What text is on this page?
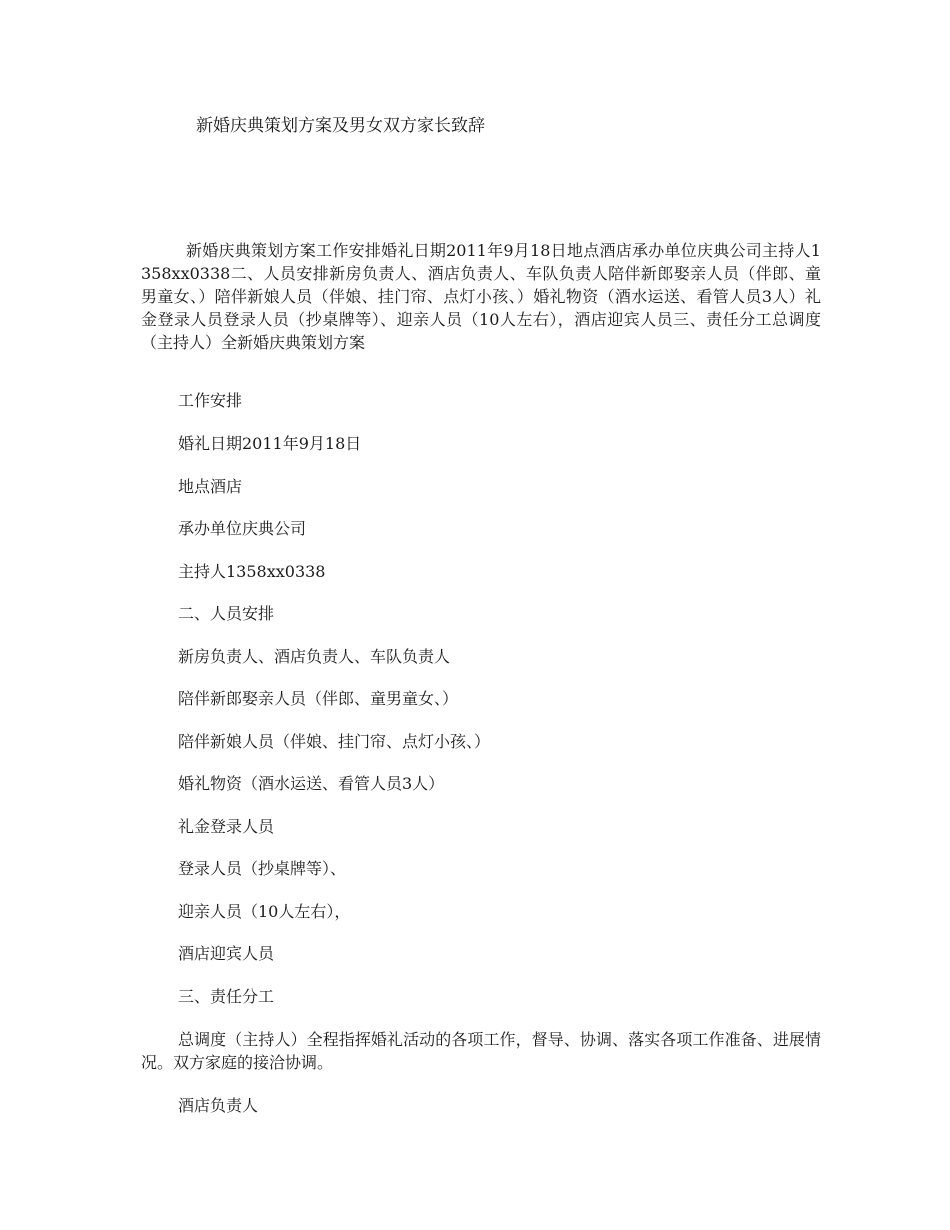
新婚庆典策划方案及男女双方家长致辞
新婚庆典策划方案工作安排婚礼日期2011年9月18日地点酒店承办单位庆典公司主持人1358xx0338二、人员安排新房负责人、酒店负责人、车队负责人陪伴新郎娶亲人员（伴郎、童男童女、）陪伴新娘人员（伴娘、挂门帘、点灯小孩、）婚礼物资（酒水运送、看管人员3人）礼金登录人员登录人员（抄桌牌等）、迎亲人员（10人左右），酒店迎宾人员三、责任分工总调度（主持人）全新婚庆典策划方案
工作安排
婚礼日期2011年9月18日
地点酒店
承办单位庆典公司
主持人1358xx0338
二、人员安排
新房负责人、酒店负责人、车队负责人
陪伴新郎娶亲人员（伴郎、童男童女、）
陪伴新娘人员（伴娘、挂门帘、点灯小孩、）
婚礼物资（酒水运送、看管人员3人）
礼金登录人员
登录人员（抄桌牌等）、
迎亲人员（10人左右），
酒店迎宾人员
三、责任分工
总调度（主持人）全程指挥婚礼活动的各项工作，督导、协调、落实各项工作准备、进展情况。双方家庭的接洽协调。
酒店负责人
